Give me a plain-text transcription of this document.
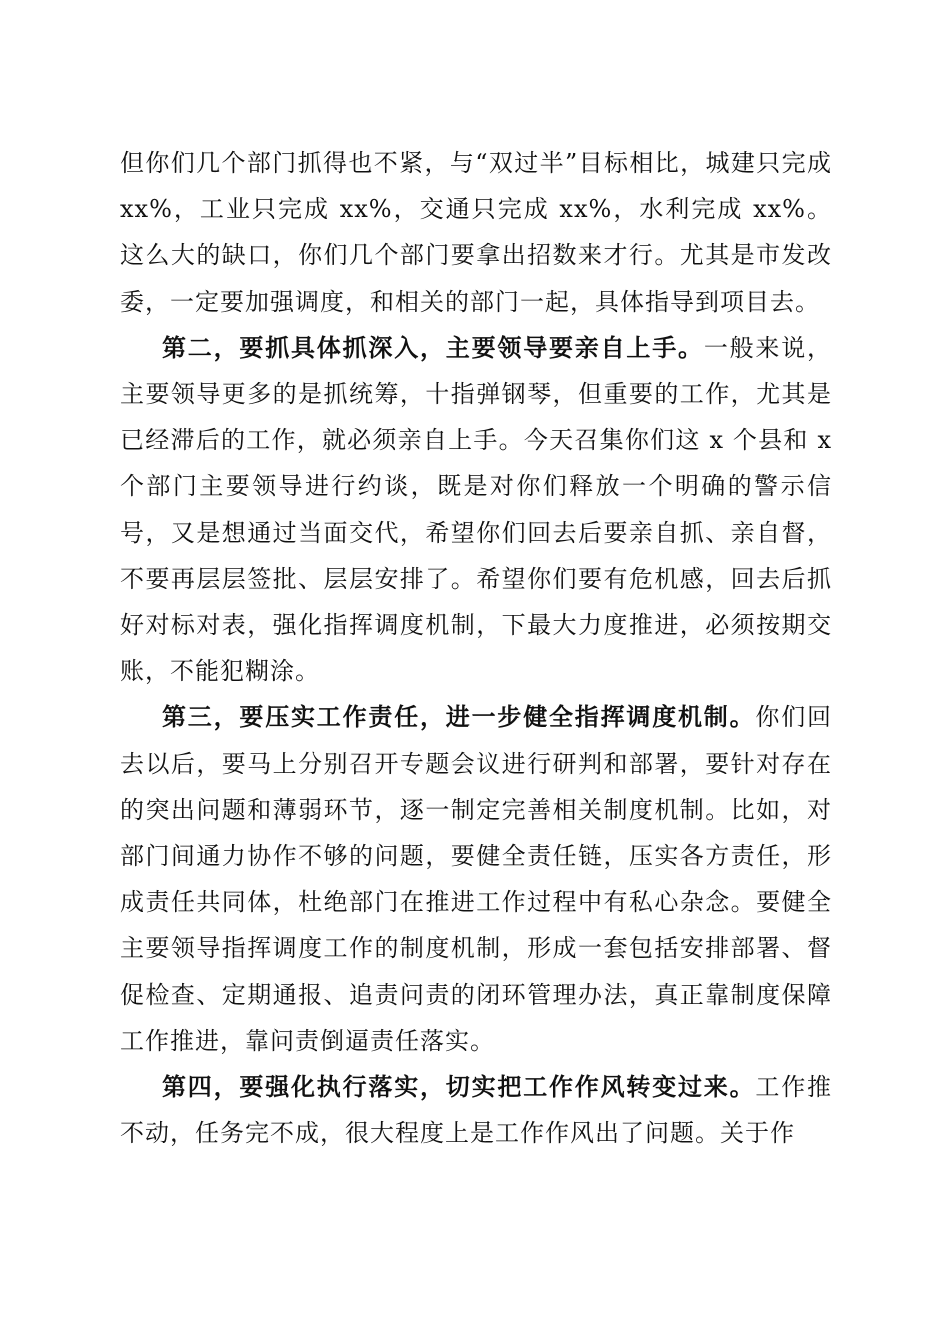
但你们几个部门抓得也不紧，与“双过半”目标相比，城建只完成 xx%，工业只完成 xx%，交通只完成 xx%，水利完成 xx%。这么大的缺口，你们几个部门要拿出招数来才行。尤其是市发改委，一定要加强调度，和相关的部门一起，具体指导到项目去。

第二，要抓具体抓深入，主要领导要亲自上手。一般来说，主要领导更多的是抓统筹，十指弹钢琴，但重要的工作，尤其是已经滞后的工作，就必须亲自上手。今天召集你们这 x 个县和 x 个部门主要领导进行约谈，既是对你们释放一个明确的警示信号，又是想通过当面交代，希望你们回去后要亲自抓、亲自督，不要再层层签批、层层安排了。希望你们要有危机感，回去后抓好对标对表，强化指挥调度机制，下最大力度推进，必须按期交账，不能犯糊涂。

第三，要压实工作责任，进一步健全指挥调度机制。你们回去以后，要马上分别召开专题会议进行研判和部署，要针对存在的突出问题和薄弱环节，逐一制定完善相关制度机制。比如，对部门间通力协作不够的问题，要健全责任链，压实各方责任，形成责任共同体，杜绝部门在推进工作过程中有私心杂念。要健全主要领导指挥调度工作的制度机制，形成一套包括安排部署、督促检查、定期通报、追责问责的闭环管理办法，真正靠制度保障工作推进，靠问责倒逼责任落实。

第四，要强化执行落实，切实把工作作风转变过来。工作推不动，任务完不成，很大程度上是工作作风出了问题。关于作
